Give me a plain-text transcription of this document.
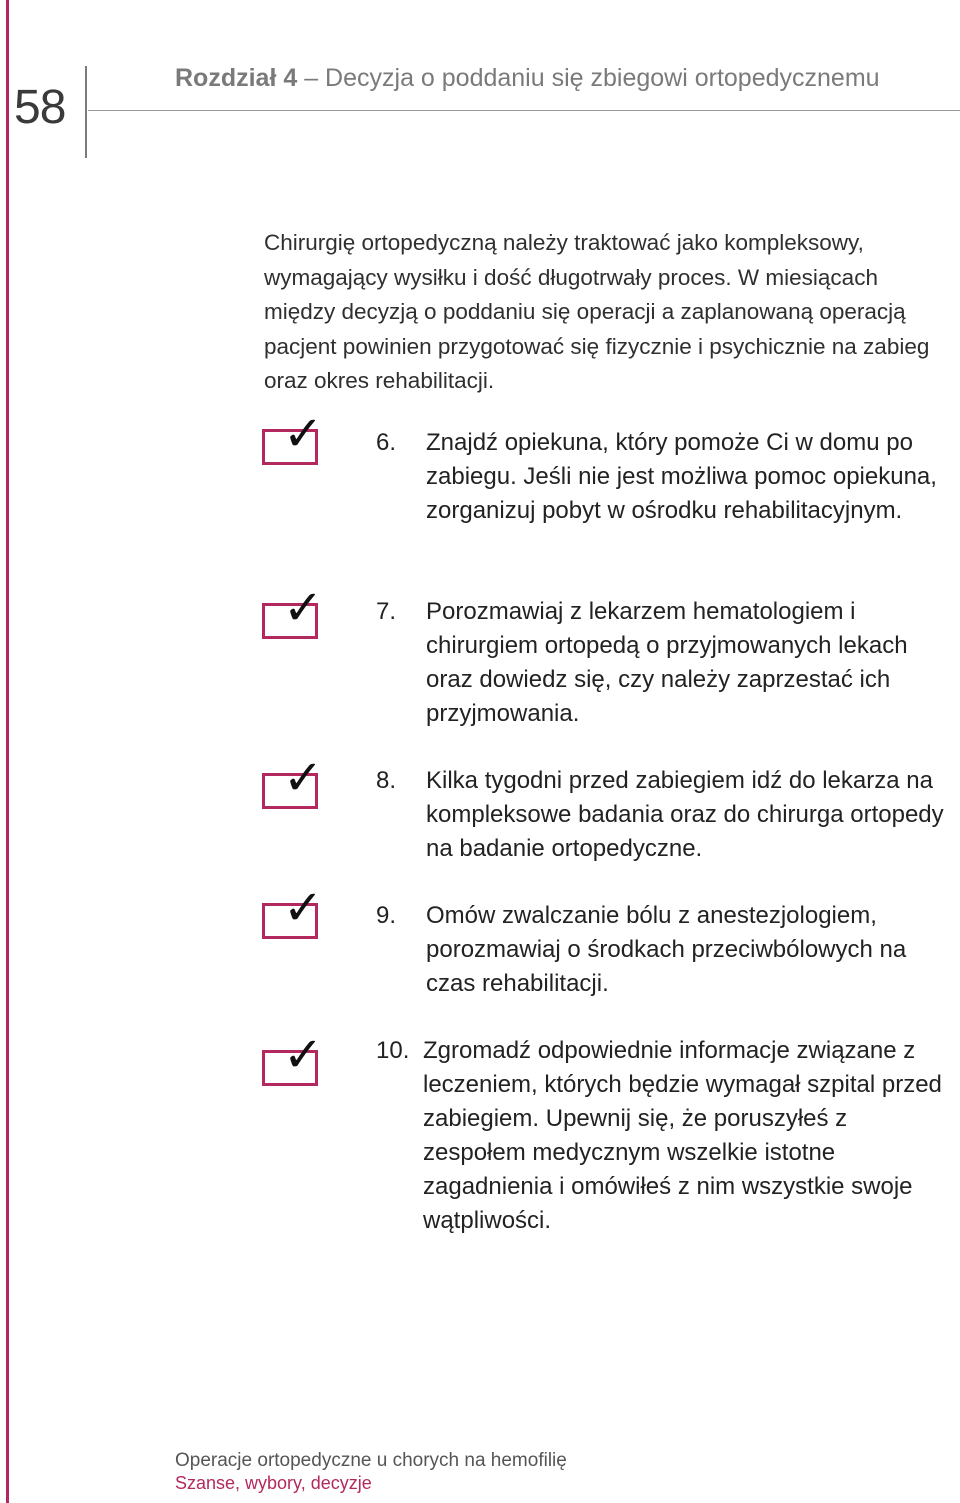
58
Rozdział 4 – Decyzja o poddaniu się zbiegowi ortopedycznemu

Chirurgię ortopedyczną należy traktować jako kompleksowy, wymagający wysiłku i dość długotrwały proces. W miesiącach między decyzją o poddaniu się operacji a zaplanowaną operacją pacjent powinien przygotować się fizycznie i psychicznie na zabieg oraz okres rehabilitacji.

✓ 6. Znajdź opiekuna, który pomoże Ci w domu po zabiegu. Jeśli nie jest możliwa pomoc opiekuna, zorganizuj pobyt w ośrodku rehabilitacyjnym.
✓ 7. Porozmawiaj z lekarzem hematologiem i chirurgiem ortopedą o przyjmowanych lekach oraz dowiedz się, czy należy zaprzestać ich przyjmowania.
✓ 8. Kilka tygodni przed zabiegiem idź do lekarza na kompleksowe badania oraz do chirurga ortopedy na badanie ortopedyczne.
✓ 9. Omów zwalczanie bólu z anestezjologiem, porozmawiaj o środkach przeciwbólowych na czas rehabilitacji.
✓ 10. Zgromadź odpowiednie informacje związane z leczeniem, których będzie wymagał szpital przed zabiegiem. Upewnij się, że poruszyłeś z zespołem medycznym wszelkie istotne zagadnienia i omówiłeś z nim wszystkie swoje wątpliwości.
Operacje ortopedyczne u chorych na hemofilię
Szanse, wybory, decyzje
